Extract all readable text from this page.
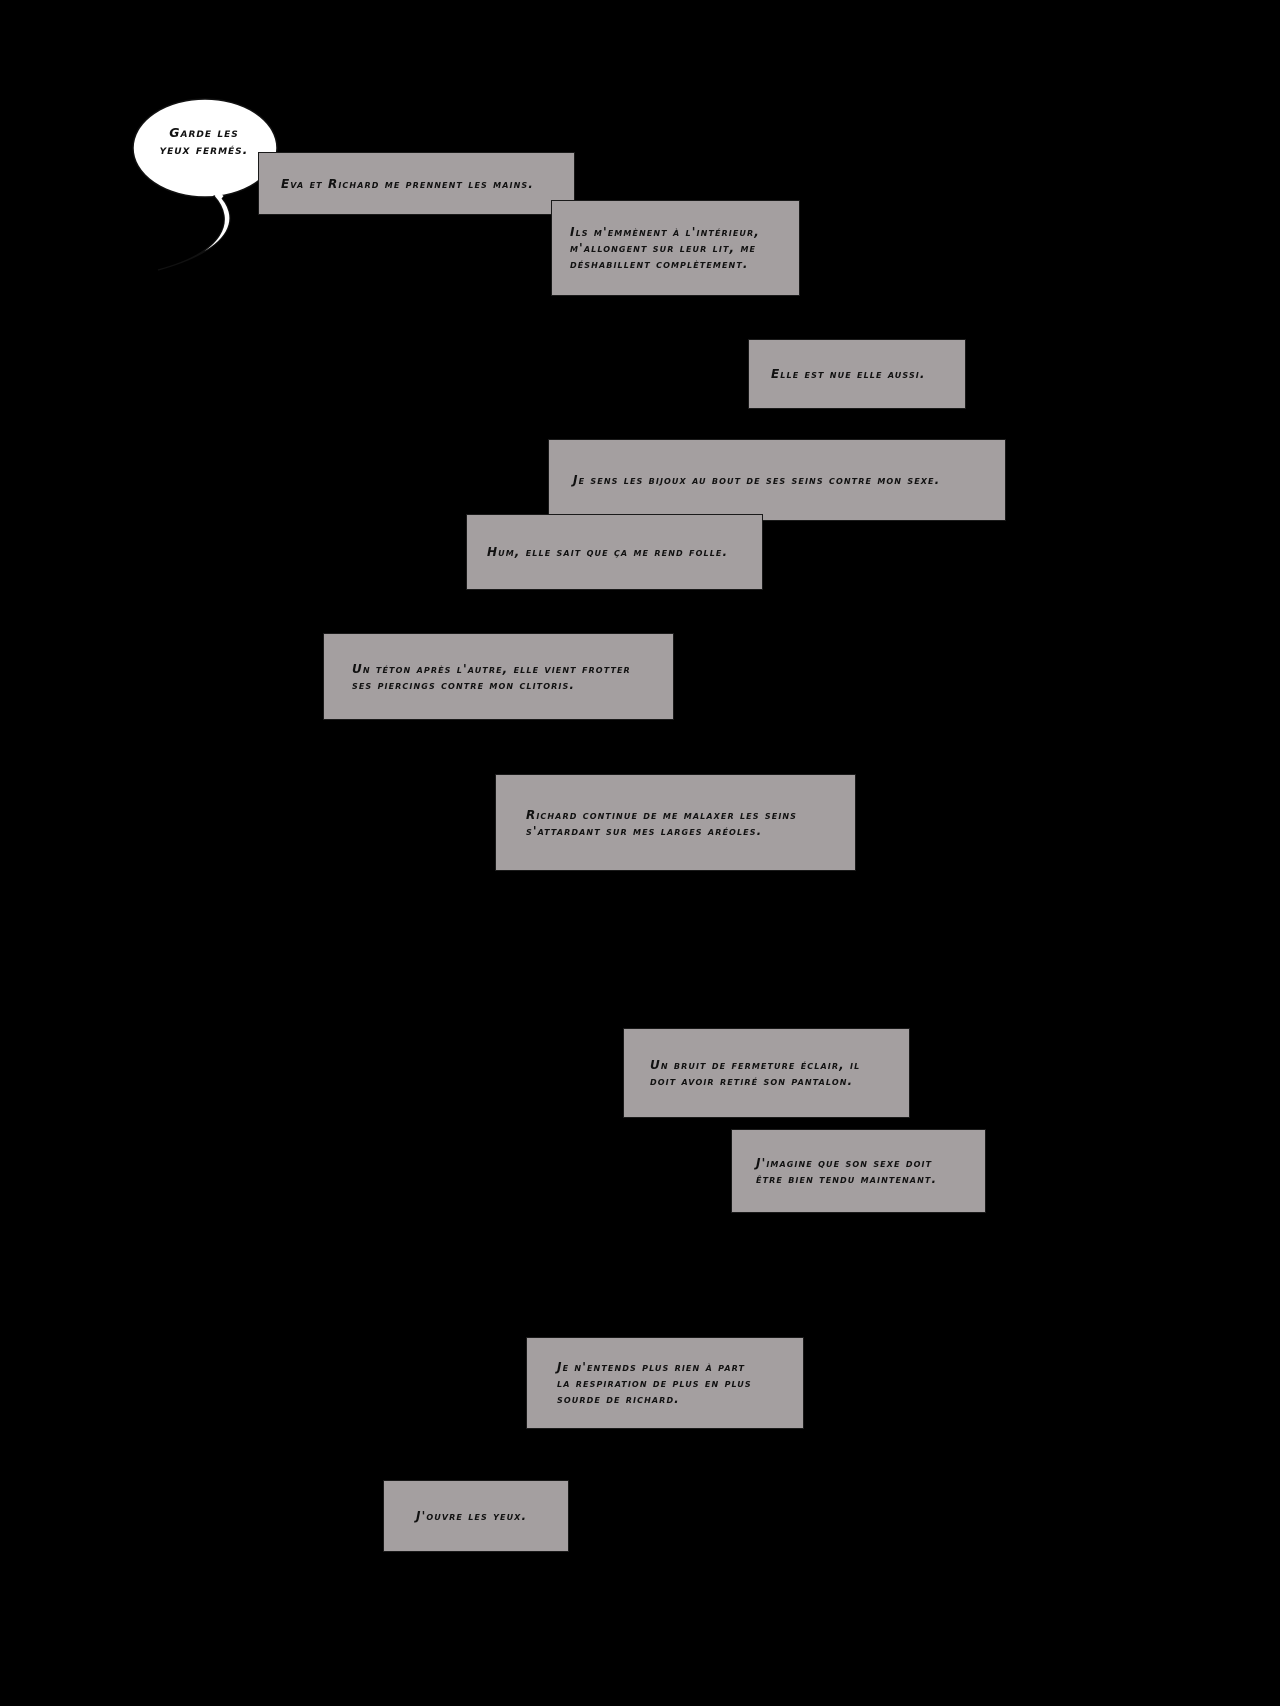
Garde les
yeux fermés.
Eva et Richard me prennent les mains.
Ils m'emmènent à l'intérieur,
m'allongent sur leur lit, me
déshabillent complètement.
Elle est nue elle aussi.
Je sens les bijoux au bout de ses seins contre mon sexe.
Hum, elle sait que ça me rend folle.
Un téton après l'autre, elle vient frotter
ses piercings contre mon clitoris.
Richard continue de me malaxer les seins
s'attardant sur mes larges aréoles.
Un bruit de fermeture éclair, il
doit avoir retiré son pantalon.
J'imagine que son sexe doit
être bien tendu maintenant.
Je n'entends plus rien à part
la respiration de plus en plus
sourde de richard.
J'ouvre les yeux.
